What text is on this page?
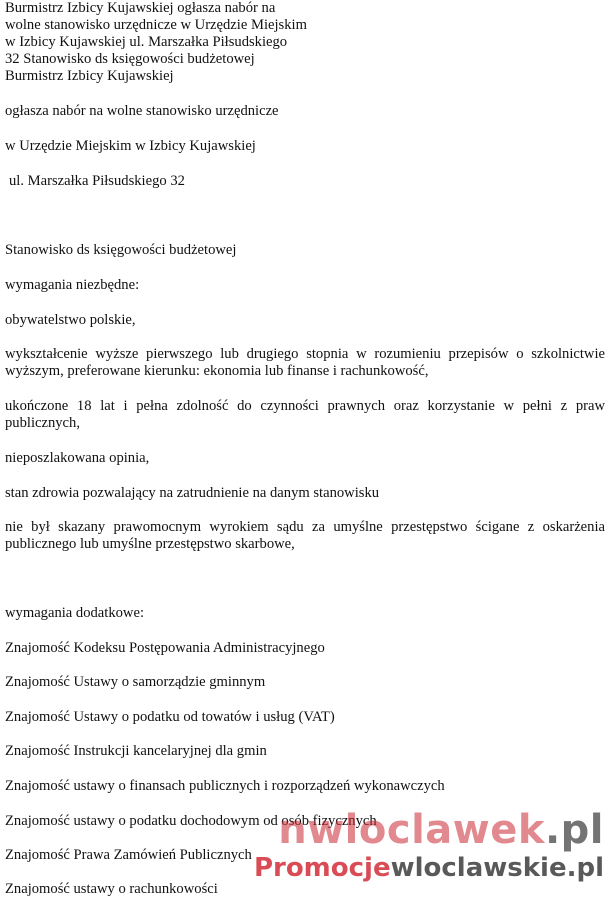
Burmistrz Izbicy Kujawskiej ogłasza nabór na
wolne stanowisko urzędnicze w Urzędzie Miejskim
w Izbicy Kujawskiej ul. Marszałka Piłsudskiego
32 Stanowisko ds księgowości budżetowej
Burmistrz Izbicy Kujawskiej

ogłasza nabór na wolne stanowisko urzędnicze

w Urzędzie Miejskim w Izbicy Kujawskiej

ul. Marszałka Piłsudskiego 32

Stanowisko ds księgowości budżetowej

wymagania niezbędne:

obywatelstwo polskie,

wykształcenie wyższe pierwszego lub drugiego stopnia w rozumieniu przepisów o szkolnictwie wyższym, preferowane kierunku: ekonomia lub finanse i rachunkowość,

ukończone 18 lat i pełna zdolność do czynności prawnych oraz korzystanie w pełni z praw publicznych,

nieposzlakowana opinia,

stan zdrowia pozwalający na zatrudnienie na danym stanowisku

nie był skazany prawomocnym wyrokiem sądu za umyślne przestępstwo ścigane z oskarżenia publicznego lub umyślne przestępstwo skarbowe,

wymagania dodatkowe:

Znajomość Kodeksu Postępowania Administracyjnego

Znajomość Ustawy o samorządzie gminnym

Znajomość Ustawy o podatku od towatów i usług (VAT)

Znajomość Instrukcji kancelaryjnej dla gmin

Znajomość ustawy o finansach publicznych i rozporządzeń wykonawczych

Znajomość ustawy o podatku dochodowym od osób fizycznych

Znajomość Prawa Zamówień Publicznych

Znajomość ustawy o rachunkowości

nwloclawek.pl
Promocjewloclawskie.pl
